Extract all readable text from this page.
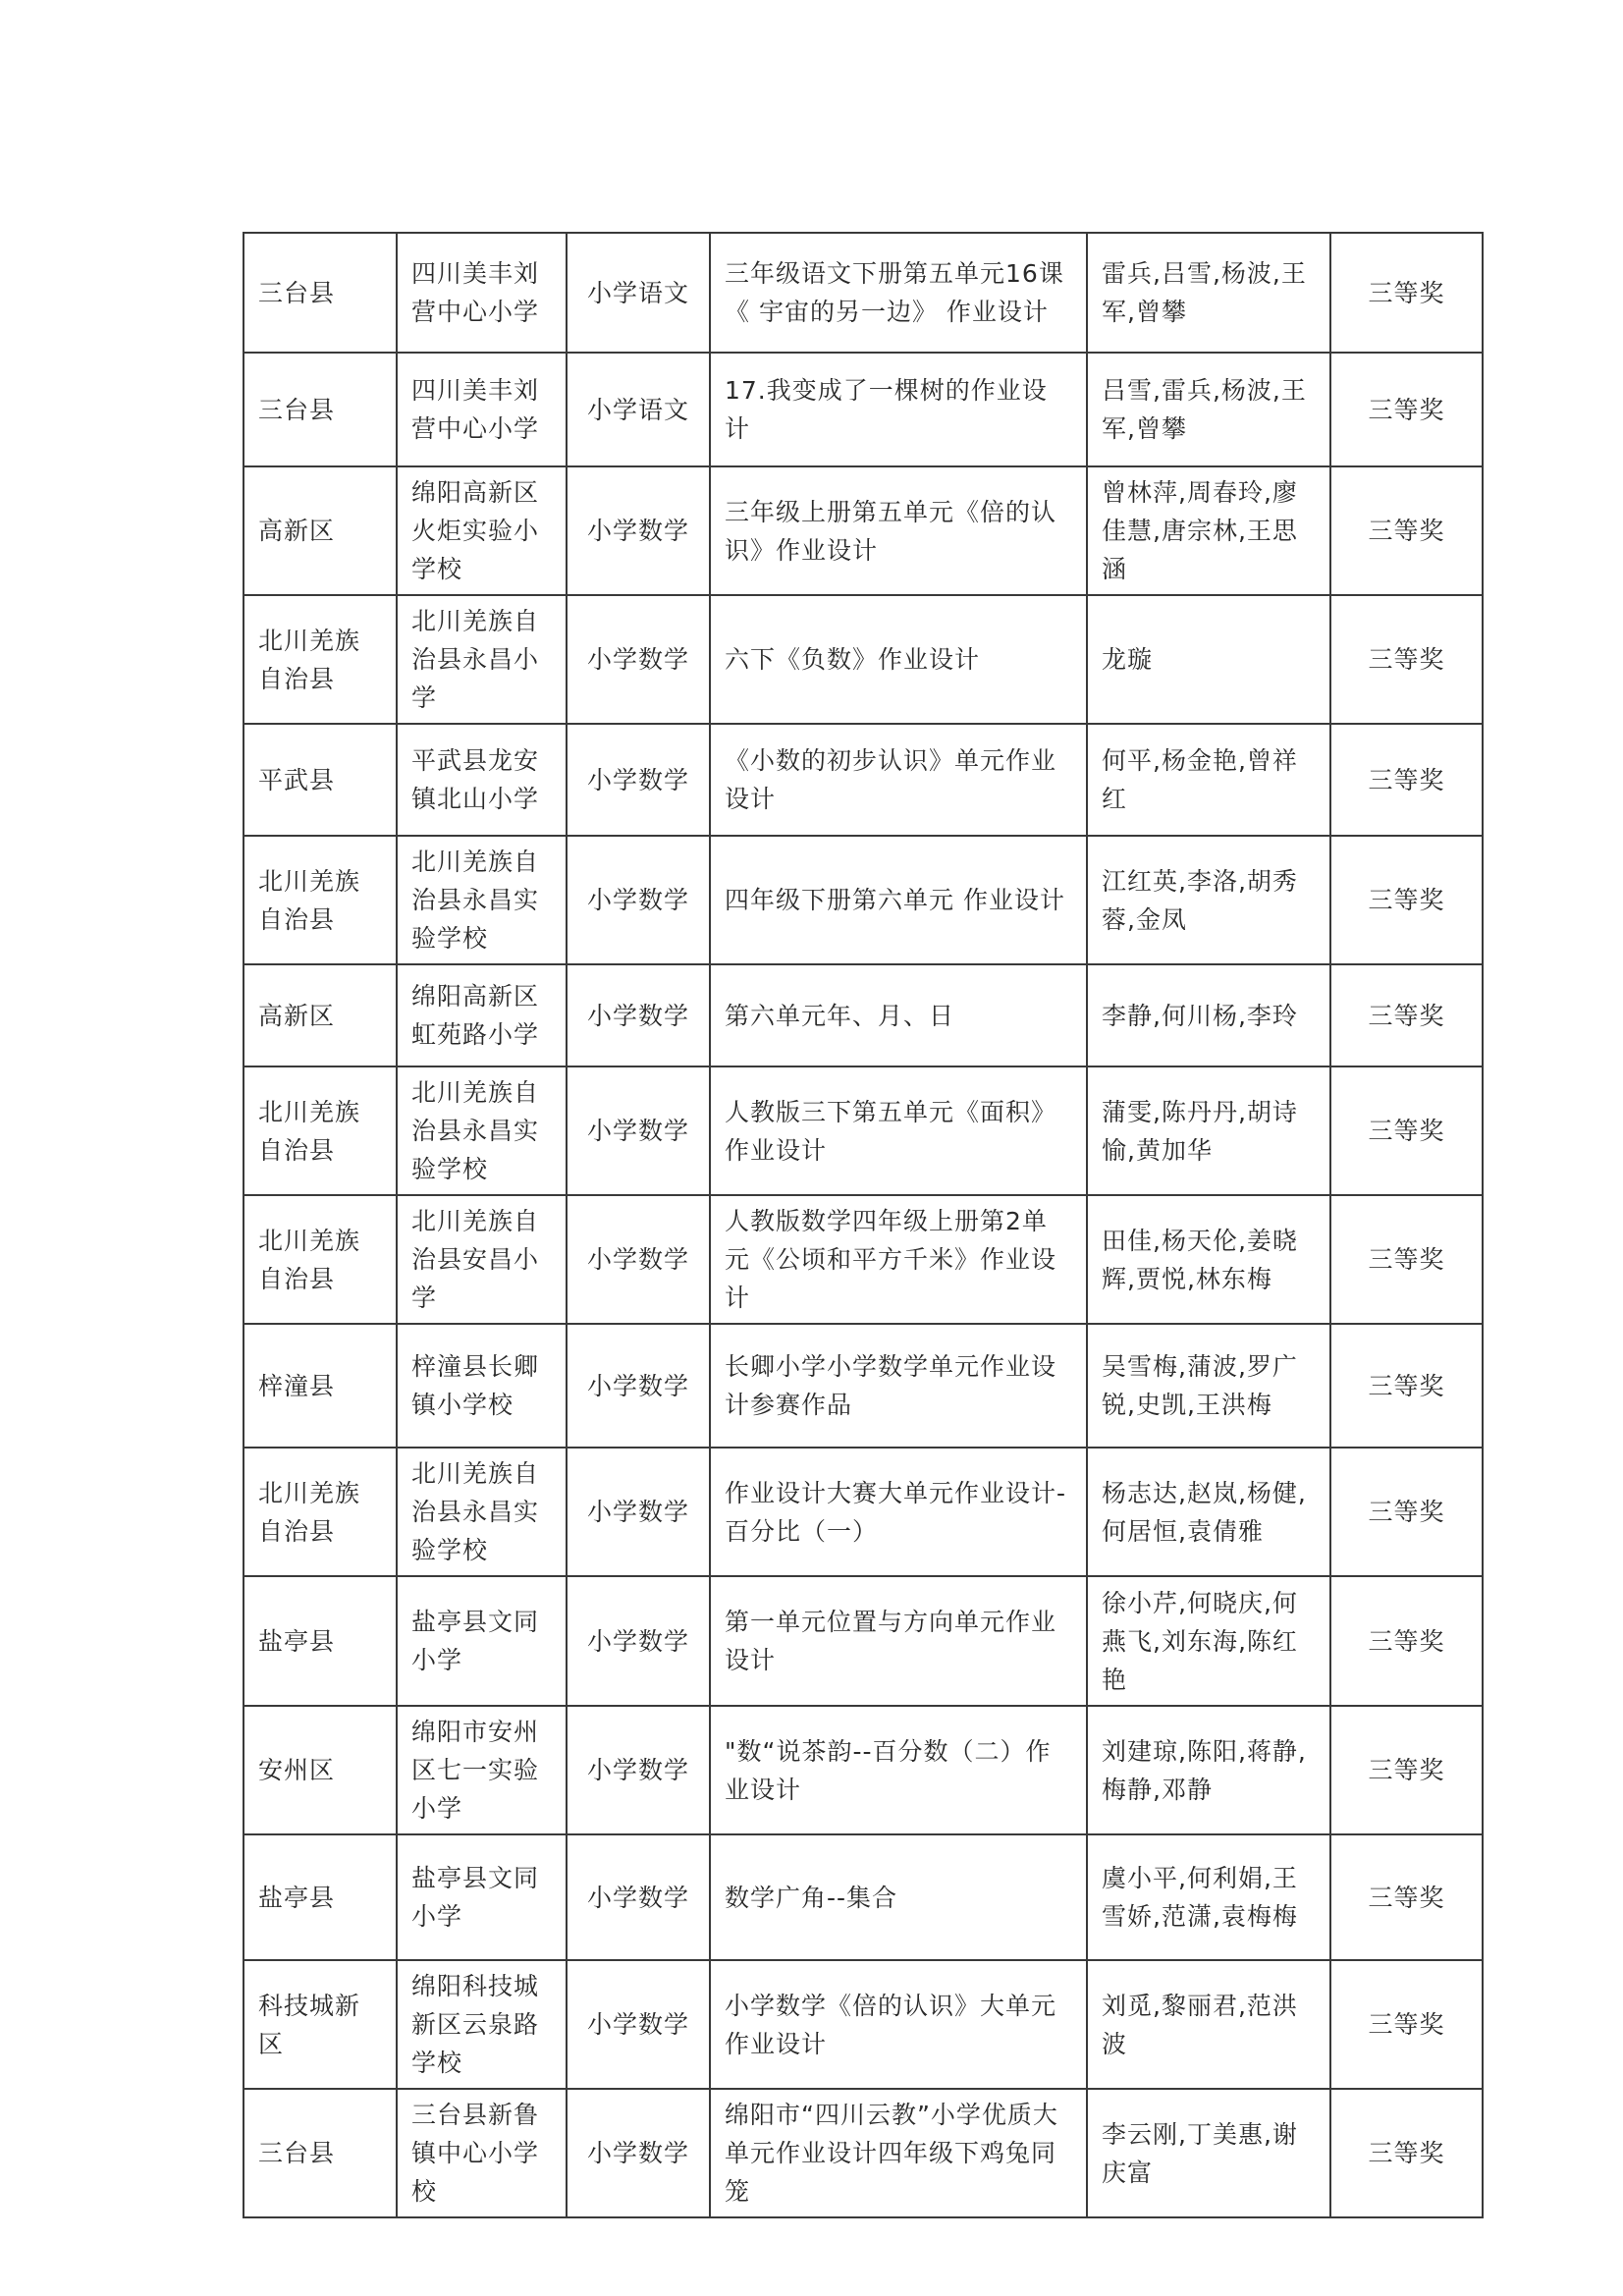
三台县	四川美丰刘营中心小学	小学语文	三年级语文下册第五单元16课《 宇宙的另一边》 作业设计	雷兵,吕雪,杨波,王军,曾攀	三等奖
三台县	四川美丰刘营中心小学	小学语文	17.我变成了一棵树的作业设计	吕雪,雷兵,杨波,王军,曾攀	三等奖
高新区	绵阳高新区火炬实验小学校	小学数学	三年级上册第五单元《倍的认识》作业设计	曾林萍,周春玲,廖佳慧,唐宗林,王思涵	三等奖
北川羌族自治县	北川羌族自治县永昌小学	小学数学	六下《负数》作业设计	龙璇	三等奖
平武县	平武县龙安镇北山小学	小学数学	《小数的初步认识》单元作业设计	何平,杨金艳,曾祥红	三等奖
北川羌族自治县	北川羌族自治县永昌实验学校	小学数学	四年级下册第六单元 作业设计	江红英,李洛,胡秀蓉,金凤	三等奖
高新区	绵阳高新区虹苑路小学	小学数学	第六单元年、月、日	李静,何川杨,李玲	三等奖
北川羌族自治县	北川羌族自治县永昌实验学校	小学数学	人教版三下第五单元《面积》作业设计	蒲雯,陈丹丹,胡诗愉,黄加华	三等奖
北川羌族自治县	北川羌族自治县安昌小学	小学数学	人教版数学四年级上册第2单元《公顷和平方千米》作业设计	田佳,杨天伦,姜晓辉,贾悦,林东梅	三等奖
梓潼县	梓潼县长卿镇小学校	小学数学	长卿小学小学数学单元作业设计参赛作品	吴雪梅,蒲波,罗广锐,史凯,王洪梅	三等奖
北川羌族自治县	北川羌族自治县永昌实验学校	小学数学	作业设计大赛大单元作业设计-百分比（一）	杨志达,赵岚,杨健,何居恒,袁倩雅	三等奖
盐亭县	盐亭县文同小学	小学数学	第一单元位置与方向单元作业设计	徐小芹,何晓庆,何燕飞,刘东海,陈红艳	三等奖
安州区	绵阳市安州区七一实验小学	小学数学	"数“说茶韵--百分数（二）作业设计	刘建琼,陈阳,蒋静,梅静,邓静	三等奖
盐亭县	盐亭县文同小学	小学数学	数学广角--集合	虞小平,何利娟,王雪娇,范潇,袁梅梅	三等奖
科技城新区	绵阳科技城新区云泉路学校	小学数学	小学数学《倍的认识》大单元作业设计	刘觅,黎丽君,范洪波	三等奖
三台县	三台县新鲁镇中心小学校	小学数学	绵阳市“四川云教”小学优质大单元作业设计四年级下鸡兔同笼	李云刚,丁美惠,谢庆富	三等奖
